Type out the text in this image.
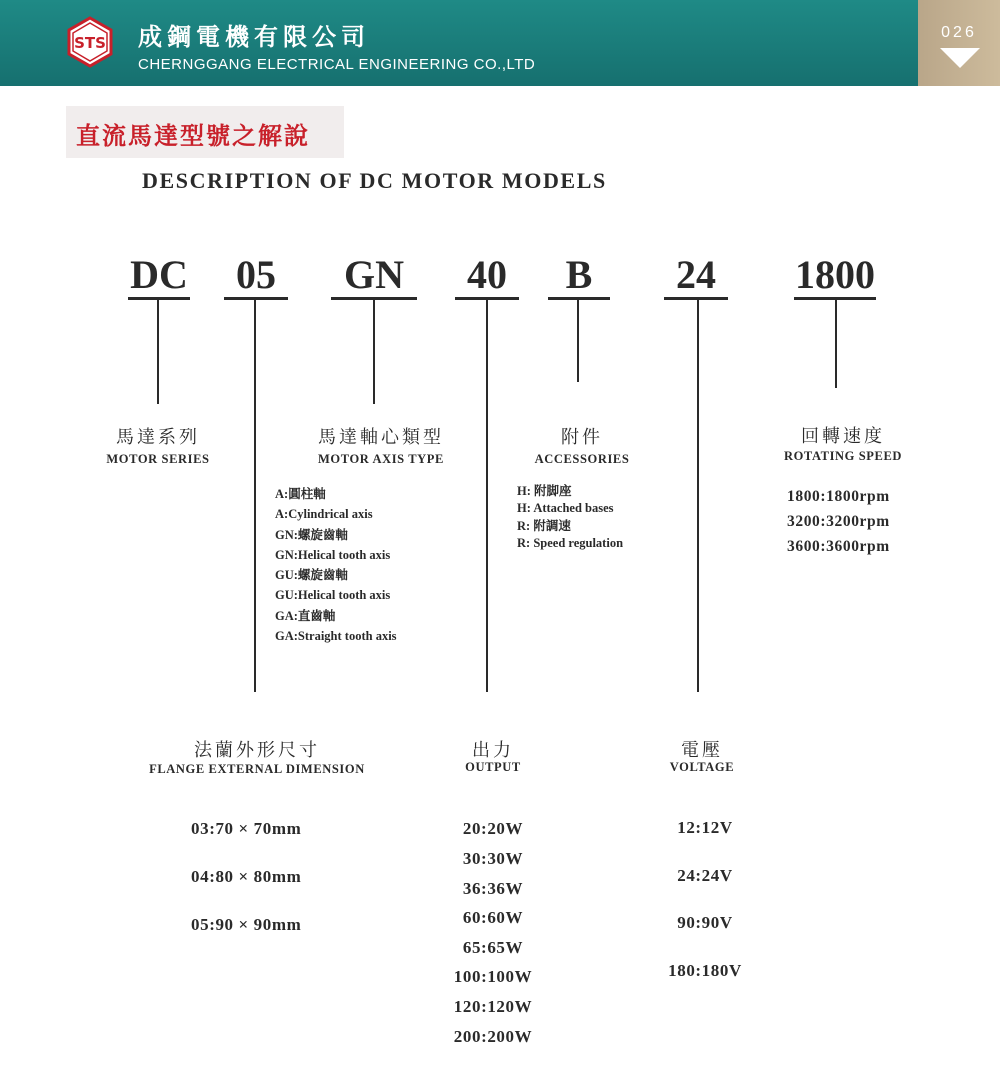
STS 成鋼電機有限公司
CHERNGGANG ELECTRICAL ENGINEERING CO.,LTD
026
直流馬達型號之解說
DESCRIPTION OF DC MOTOR MODELS
DC	05	GN	40	B	24	1800
馬達系列
MOTOR SERIES
馬達軸心類型
MOTOR AXIS TYPE
A:圓柱軸
A:Cylindrical axis
GN:螺旋齒軸
GN:Helical tooth axis
GU:螺旋齒軸
GU:Helical tooth axis
GA:直齒軸
GA:Straight tooth axis
附件
ACCESSORIES
H: 附脚座
H: Attached bases
R: 附調速
R: Speed regulation
回轉速度
ROTATING SPEED
1800:1800rpm
3200:3200rpm
3600:3600rpm
法蘭外形尺寸
FLANGE EXTERNAL DIMENSION
03:70 × 70mm
04:80 × 80mm
05:90 × 90mm
出力
OUTPUT
20:20W
30:30W
36:36W
60:60W
65:65W
100:100W
120:120W
200:200W
電壓
VOLTAGE
12:12V
24:24V
90:90V
180:180V
